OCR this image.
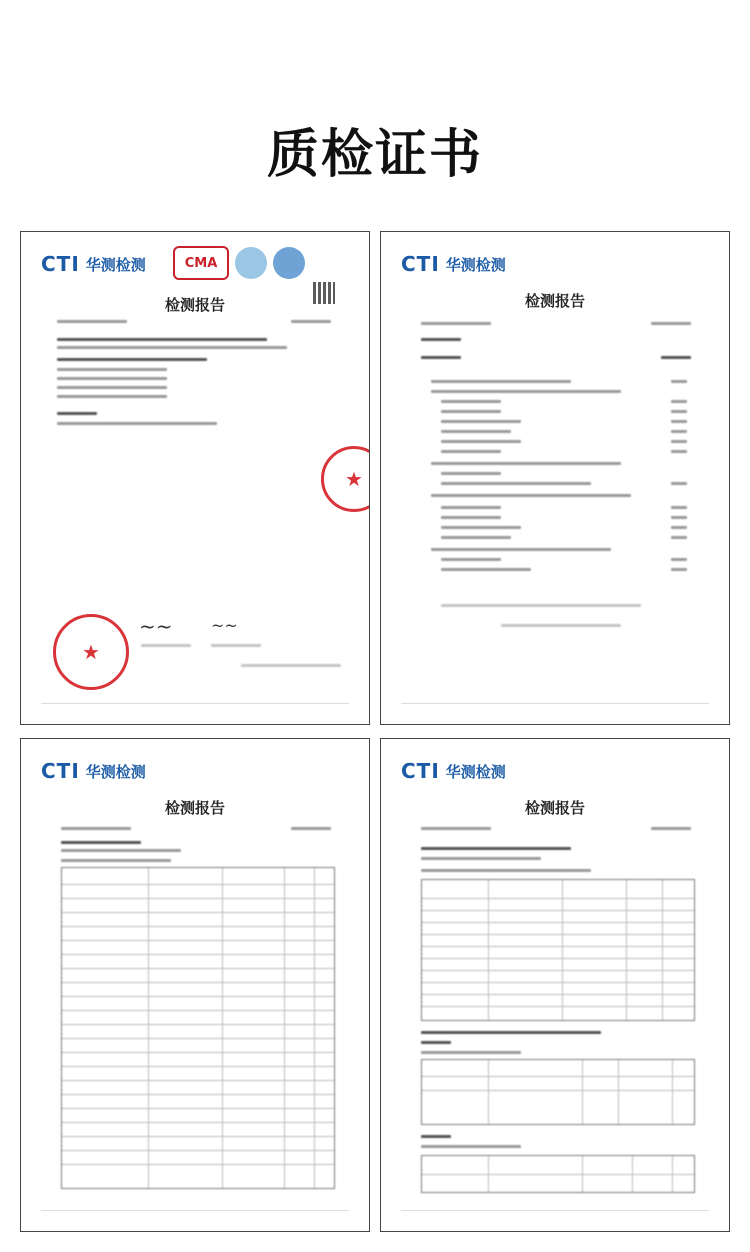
质检证书
CTI 华测检测	CMA
检测报告
★
★
~~ ~~
CTI 华测检测
检测报告
CTI 华测检测
检测报告
CTI 华测检测
检测报告
